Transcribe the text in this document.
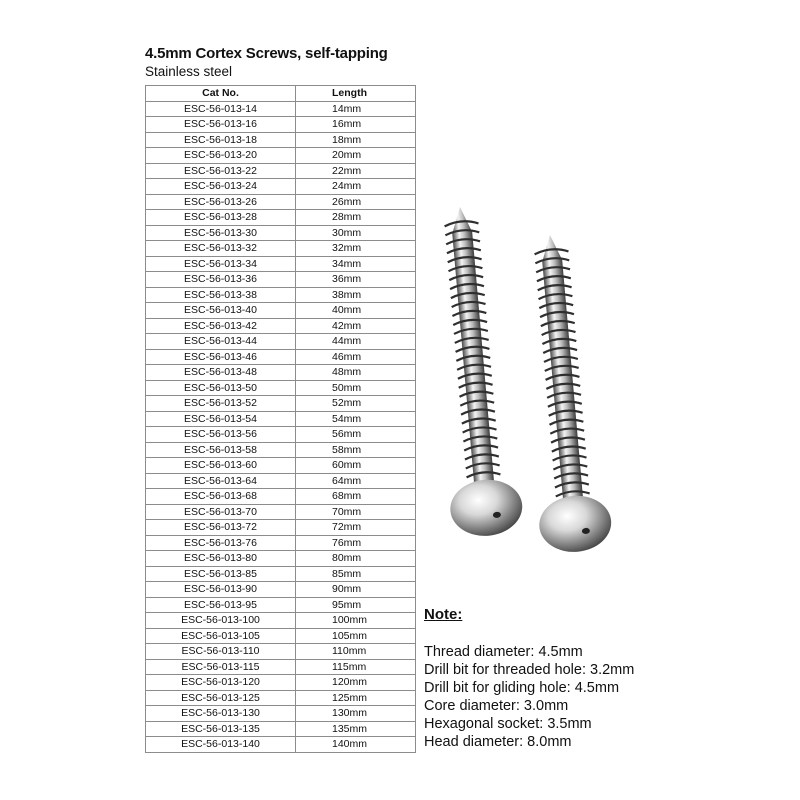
4.5mm Cortex Screws, self-tapping
Stainless steel
Cat No.	Length
ESC-56-013-14	14mm
ESC-56-013-16	16mm
ESC-56-013-18	18mm
ESC-56-013-20	20mm
ESC-56-013-22	22mm
ESC-56-013-24	24mm
ESC-56-013-26	26mm
ESC-56-013-28	28mm
ESC-56-013-30	30mm
ESC-56-013-32	32mm
ESC-56-013-34	34mm
ESC-56-013-36	36mm
ESC-56-013-38	38mm
ESC-56-013-40	40mm
ESC-56-013-42	42mm
ESC-56-013-44	44mm
ESC-56-013-46	46mm
ESC-56-013-48	48mm
ESC-56-013-50	50mm
ESC-56-013-52	52mm
ESC-56-013-54	54mm
ESC-56-013-56	56mm
ESC-56-013-58	58mm
ESC-56-013-60	60mm
ESC-56-013-64	64mm
ESC-56-013-68	68mm
ESC-56-013-70	70mm
ESC-56-013-72	72mm
ESC-56-013-76	76mm
ESC-56-013-80	80mm
ESC-56-013-85	85mm
ESC-56-013-90	90mm
ESC-56-013-95	95mm
ESC-56-013-100	100mm
ESC-56-013-105	105mm
ESC-56-013-110	110mm
ESC-56-013-115	115mm
ESC-56-013-120	120mm
ESC-56-013-125	125mm
ESC-56-013-130	130mm
ESC-56-013-135	135mm
ESC-56-013-140	140mm
Note:
Thread diameter: 4.5mm
Drill bit for threaded hole: 3.2mm
Drill bit for gliding hole: 4.5mm
Core diameter: 3.0mm
Hexagonal socket: 3.5mm
Head diameter: 8.0mm
